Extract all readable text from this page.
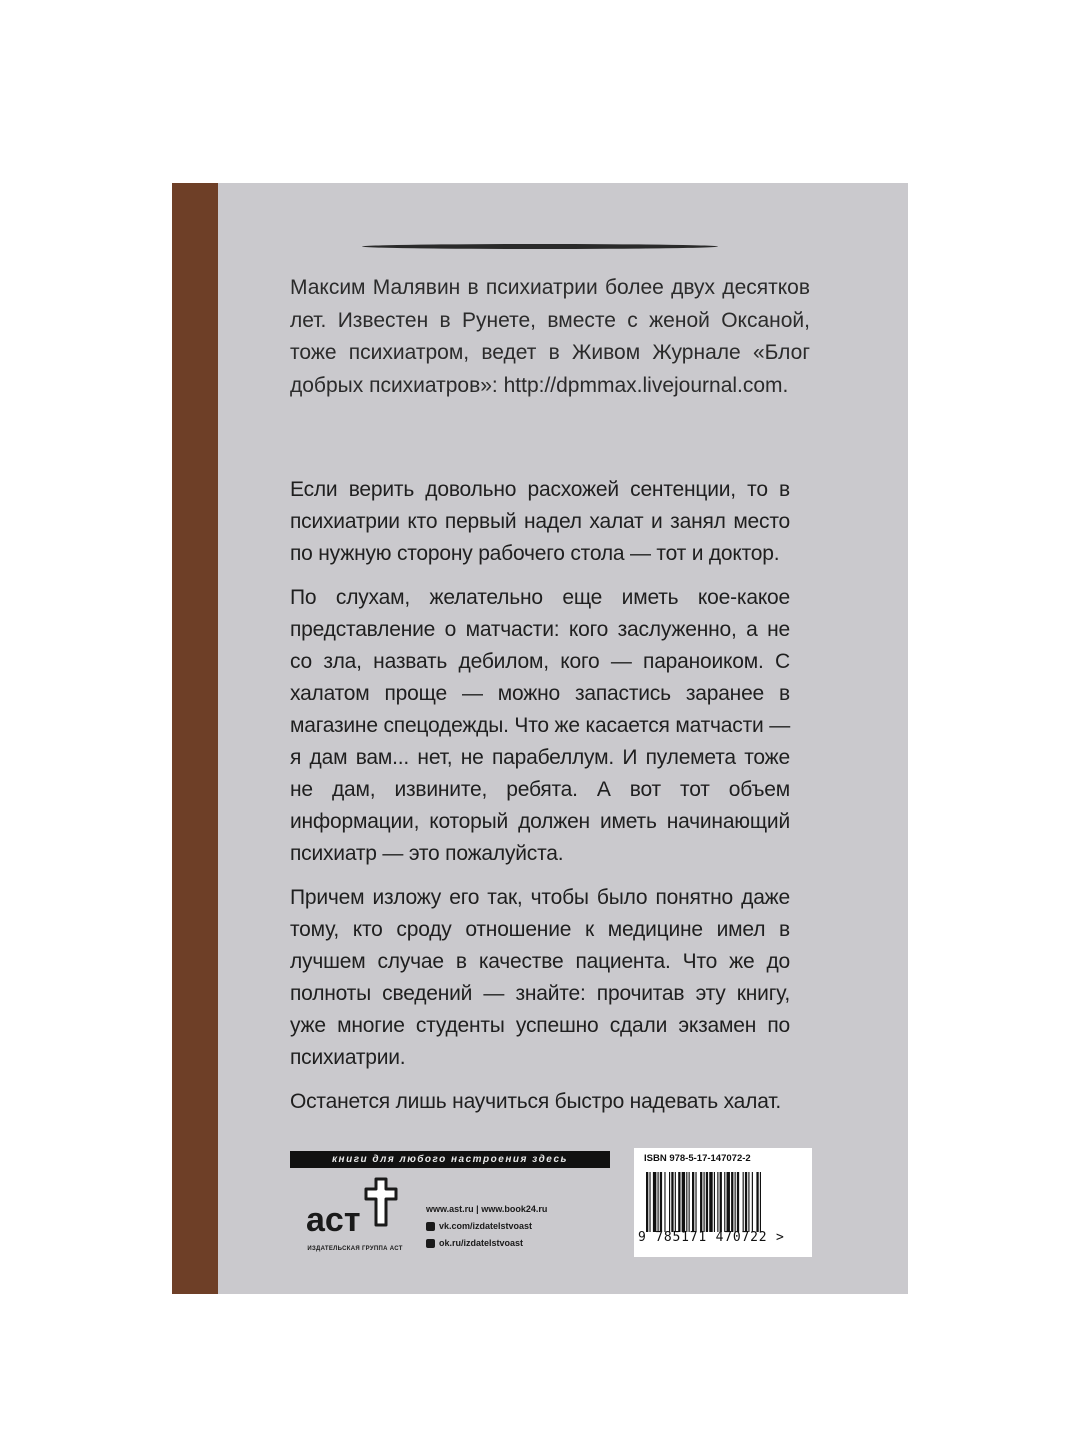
Максим Малявин в психиатрии более двух десятков лет. Известен в Рунете, вместе с женой Оксаной, тоже психиатром, ведет в Живом Журнале «Блог добрых психиатров»: http://dpmmax.livejournal.com.

Если верить довольно расхожей сентенции, то в психиатрии кто первый надел халат и занял место по нужную сторону рабочего стола — тот и доктор.

По слухам, желательно еще иметь кое-какое представление о матчасти: кого заслуженно, а не со зла, назвать дебилом, кого — параноиком. С халатом проще — можно запастись заранее в магазине спецодежды. Что же касается матчасти — я дам вам... нет, не парабеллум. И пулемета тоже не дам, извините, ребята. А вот тот объем информации, который должен иметь начинающий психиатр — это пожалуйста.

Причем изложу его так, чтобы было понятно даже тому, кто сроду отношение к медицине имел в лучшем случае в качестве пациента. Что же до полноты сведений — знайте: прочитав эту книгу, уже многие студенты успешно сдали экзамен по психиатрии.

Останется лишь научиться быстро надевать халат.

книги для любого настроения здесь
аст
ИЗДАТЕЛЬСКАЯ ГРУППА АСТ
www.ast.ru | www.book24.ru
vk.com/izdatelstvoast
ok.ru/izdatelstvoast
ISBN 978-5-17-147072-2
9 785171 470722 >
